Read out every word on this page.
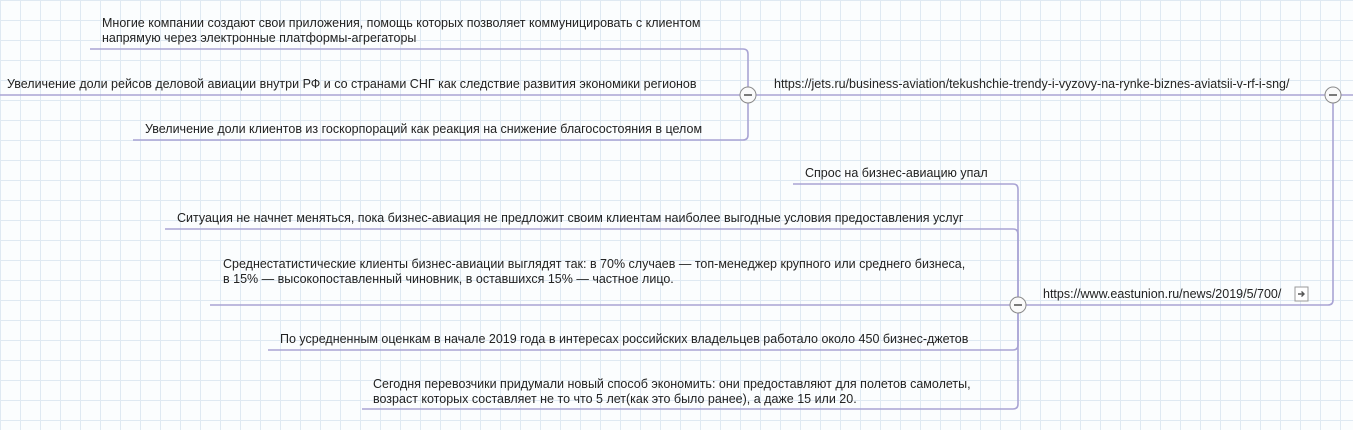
Многие компании создают свои приложения, помощь которых позволяет коммуницировать с клиентом
напрямую через электронные платформы-агрегаторы
Увеличение доли рейсов деловой авиации внутри РФ и со странами СНГ как следствие развития экономики регионов
Увеличение доли клиентов из госкорпораций как реакция на снижение благосостояния в целом
https://jets.ru/business-aviation/tekushchie-trendy-i-vyzovy-na-rynke-biznes-aviatsii-v-rf-i-sng/
https://www.eastunion.ru/news/2019/5/700/
Спрос на бизнес-авиацию упал
Ситуация не начнет меняться, пока бизнес-авиация не предложит своим клиентам наиболее выгодные условия предоставления услуг
Среднестатистические клиенты бизнес-авиации выглядят так: в 70% случаев — топ-менеджер крупного или среднего бизнеса,
в 15% — высокопоставленный чиновник, в оставшихся 15% — частное лицо.
По усредненным оценкам в начале 2019 года в интересах российских владельцев работало около 450 бизнес-джетов
Сегодня перевозчики придумали новый способ экономить: они предоставляют для полетов самолеты,
возраст которых составляет не то что 5 лет(как это было ранее), а даже 15 или 20.
